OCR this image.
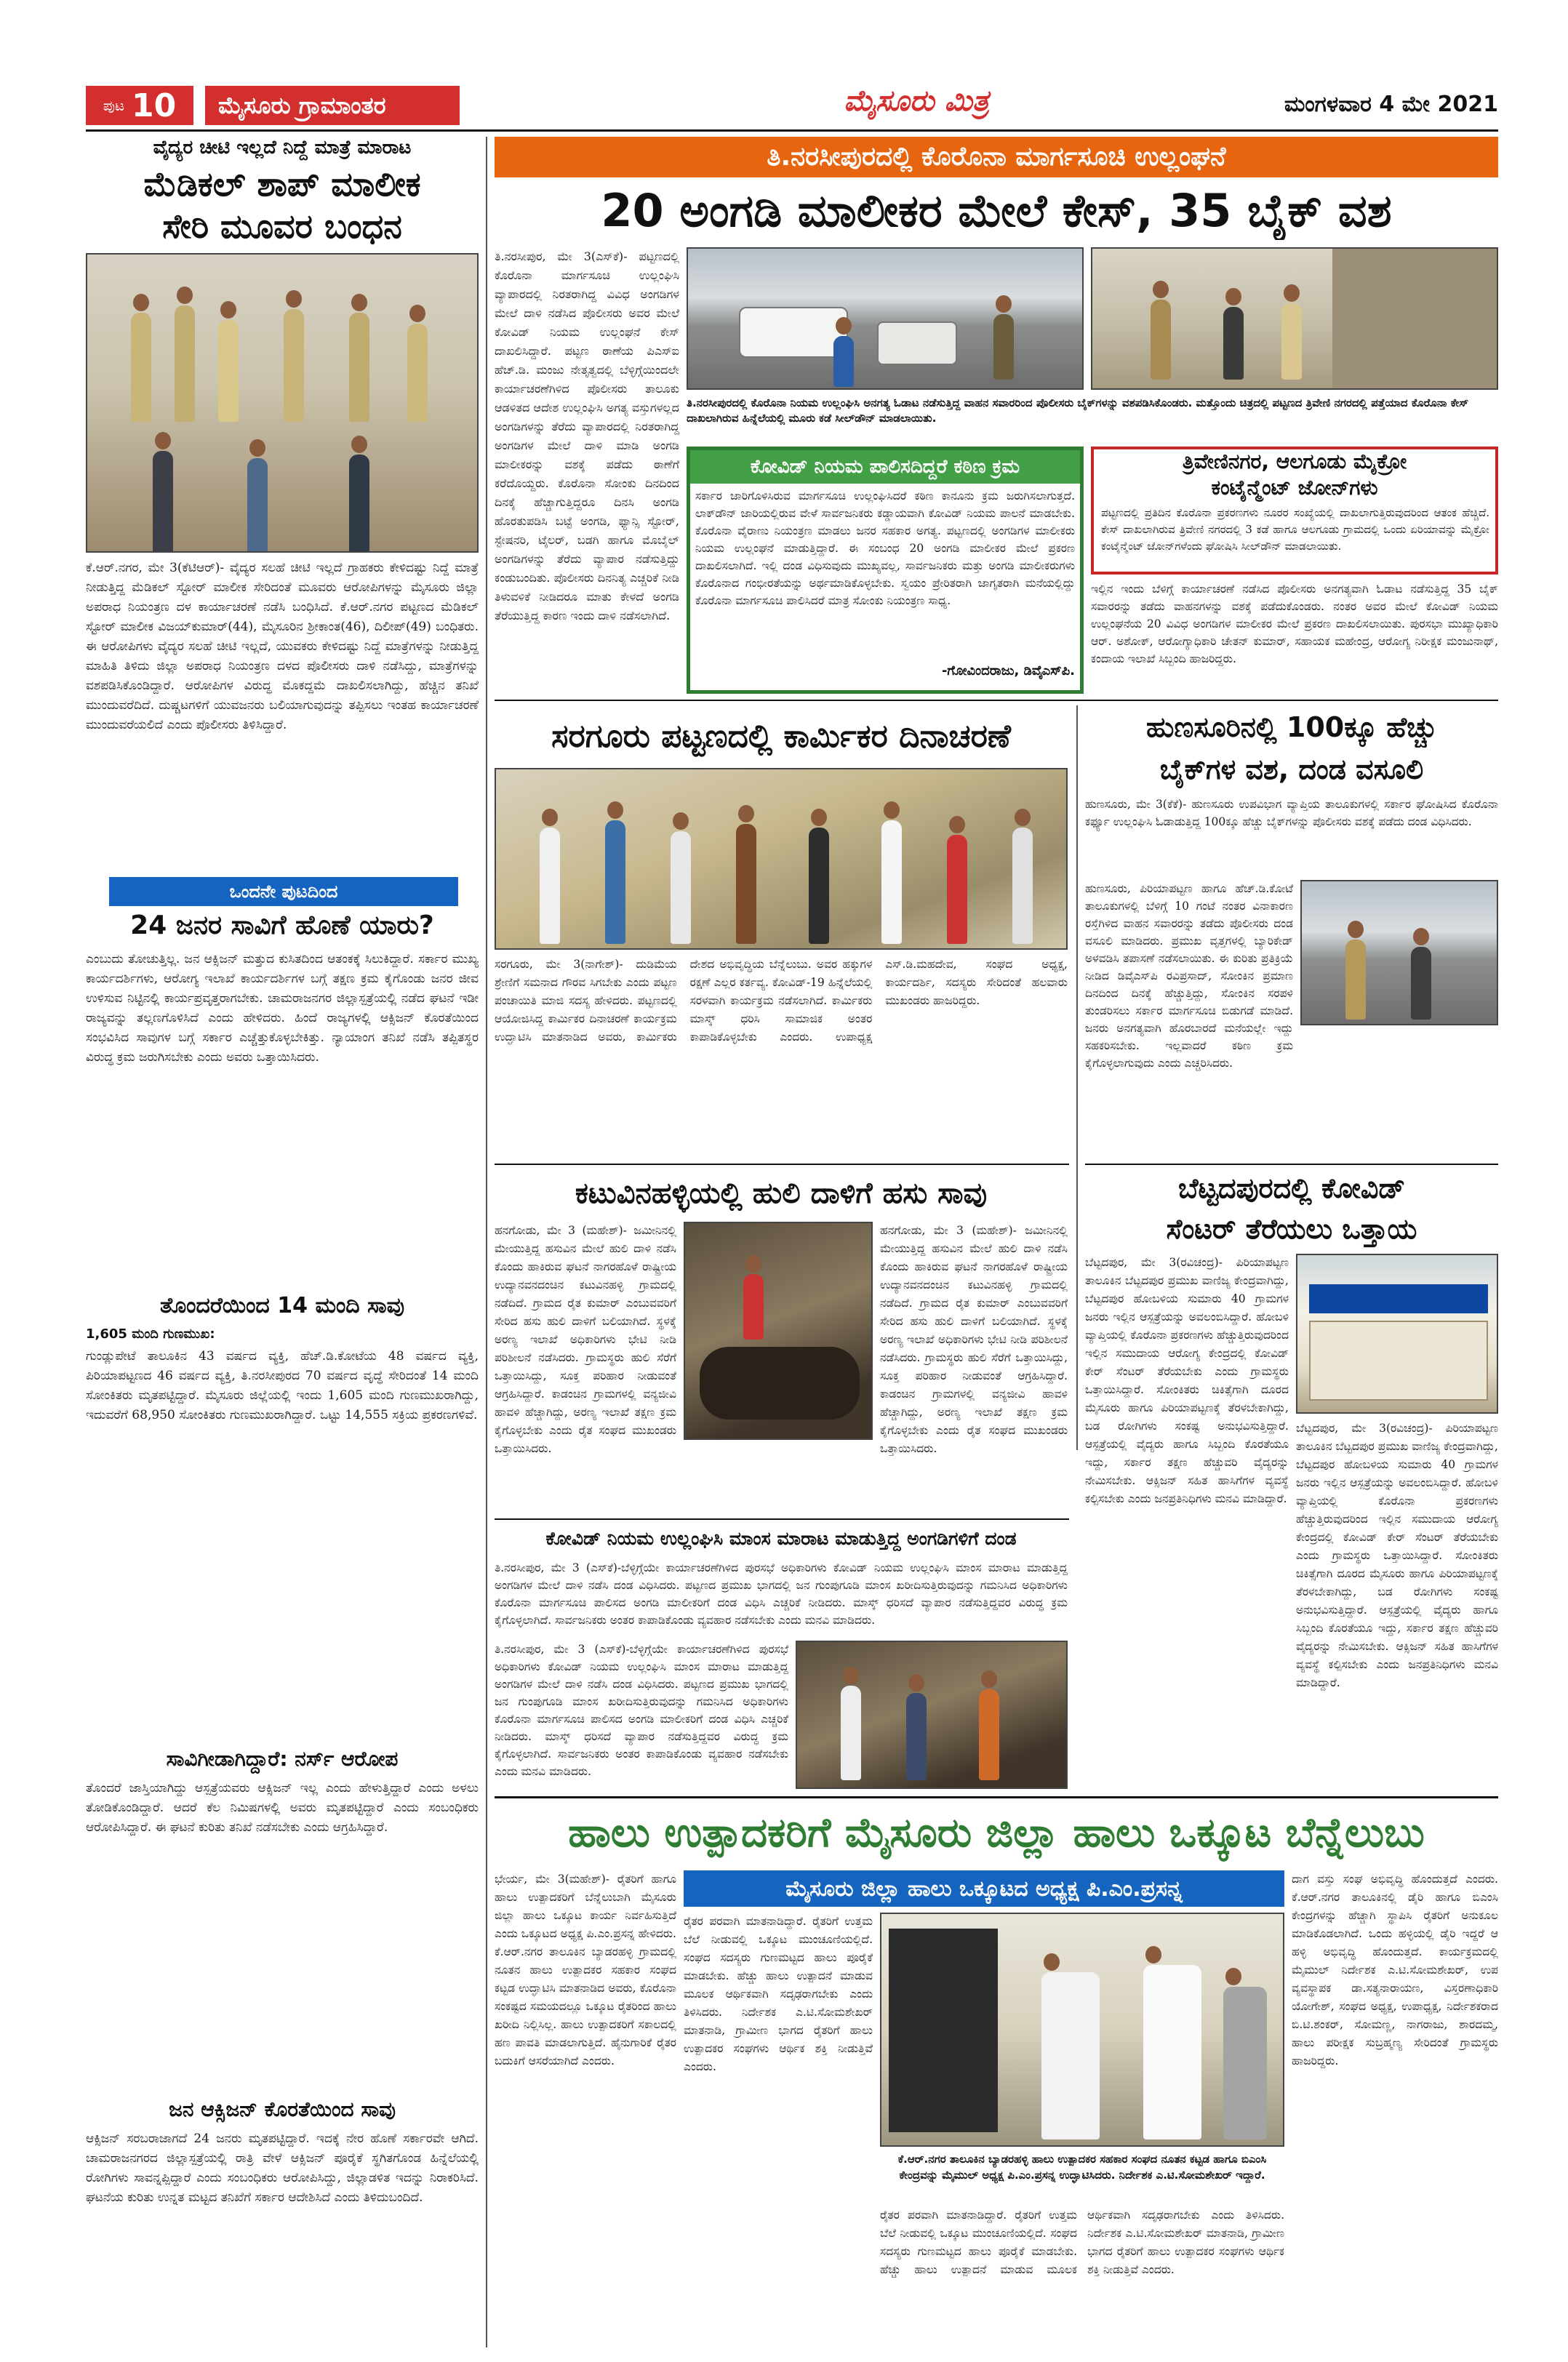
ಪುಟ 10	ಮೈಸೂರು ಗ್ರಾಮಾಂತರ	ಮೈಸೂರು ಮಿತ್ರ	ಮಂಗಳವಾರ 4 ಮೇ 2021
ವೈದ್ಯರ ಚೀಟಿ ಇಲ್ಲದೆ ನಿದ್ದೆ ಮಾತ್ರೆ ಮಾರಾಟ
ಮೆಡಿಕಲ್ ಶಾಪ್ ಮಾಲೀಕ
ಸೇರಿ ಮೂವರ ಬಂಧನ
ಕೆ.ಆರ್.ನಗರ, ಮೇ 3(ಕೆಟಿಆರ್)- ವೈದ್ಯರ ಸಲಹೆ ಚೀಟಿ ಇಲ್ಲದೆ ಗ್ರಾಹಕರು ಕೇಳಿದಷ್ಟು ನಿದ್ದೆ ಮಾತ್ರೆ ನೀಡುತ್ತಿದ್ದ ಮೆಡಿಕಲ್ ಸ್ಟೋರ್ ಮಾಲೀಕ ಸೇರಿದಂತೆ ಮೂವರು ಆರೋಪಿಗಳನ್ನು ಮೈಸೂರು ಜಿಲ್ಲಾ ಅಪರಾಧ ನಿಯಂತ್ರಣ ದಳ ಕಾರ್ಯಾಚರಣೆ ನಡೆಸಿ ಬಂಧಿಸಿದೆ. ಕೆ.ಆರ್.ನಗರ ಪಟ್ಟಣದ ಮೆಡಿಕಲ್ ಸ್ಟೋರ್ ಮಾಲೀಕ ವಿಜಯ್‌ಕುಮಾರ್(44), ಮೈಸೂರಿನ ಶ್ರೀಕಾಂತ(46), ದಿಲೀಪ್(49) ಬಂಧಿತರು. ಈ ಆರೋಪಿಗಳು ವೈದ್ಯರ ಸಲಹೆ ಚೀಟಿ ಇಲ್ಲದೆ, ಯುವಕರು ಕೇಳಿದಷ್ಟು ನಿದ್ದೆ ಮಾತ್ರೆಗಳನ್ನು ನೀಡುತ್ತಿದ್ದ ಮಾಹಿತಿ ತಿಳಿದು ಜಿಲ್ಲಾ ಅಪರಾಧ ನಿಯಂತ್ರಣ ದಳದ ಪೊಲೀಸರು ದಾಳಿ ನಡೆಸಿದ್ದು, ಮಾತ್ರೆಗಳನ್ನು ವಶಪಡಿಸಿಕೊಂಡಿದ್ದಾರೆ. ಆರೋಪಿಗಳ ವಿರುದ್ಧ ಮೊಕದ್ದಮೆ ದಾಖಲಿಸಲಾಗಿದ್ದು, ಹೆಚ್ಚಿನ ತನಿಖೆ ಮುಂದುವರೆದಿದೆ. ದುಷ್ಚಟಗಳಿಗೆ ಯುವಜನರು ಬಲಿಯಾಗುವುದನ್ನು ತಪ್ಪಿಸಲು ಇಂತಹ ಕಾರ್ಯಾಚರಣೆ ಮುಂದುವರೆಯಲಿದೆ ಎಂದು ಪೊಲೀಸರು ತಿಳಿಸಿದ್ದಾರೆ.
ಒಂದನೇ ಪುಟದಿಂದ
24 ಜನರ ಸಾವಿಗೆ ಹೊಣೆ ಯಾರು?
ಎಂಬುದು ತೋಚುತ್ತಿಲ್ಲ. ಜನ ಆಕ್ಸಿಜನ್ ಮತ್ತುದ ಕುಸಿತದಿಂದ ಆತಂಕಕ್ಕೆ ಸಿಲುಕಿದ್ದಾರೆ. ಸರ್ಕಾರ ಮುಖ್ಯ ಕಾರ್ಯದರ್ಶಿಗಳು, ಆರೋಗ್ಯ ಇಲಾಖೆ ಕಾರ್ಯದರ್ಶಿಗಳ ಬಗ್ಗೆ ತಕ್ಷಣ ಕ್ರಮ ಕೈಗೊಂಡು ಜನರ ಜೀವ ಉಳಿಸುವ ನಿಟ್ಟಿನಲ್ಲಿ ಕಾರ್ಯಪ್ರವೃತ್ತರಾಗಬೇಕು. ಚಾಮರಾಜನಗರ ಜಿಲ್ಲಾಸ್ಪತ್ರೆಯಲ್ಲಿ ನಡೆದ ಘಟನೆ ಇಡೀ ರಾಜ್ಯವನ್ನು ತಲ್ಲಣಗೊಳಿಸಿದೆ ಎಂದು ಹೇಳಿದರು. ಹಿಂದೆ ರಾಜ್ಯಗಳಲ್ಲಿ ಆಕ್ಸಿಜನ್ ಕೊರತೆಯಿಂದ ಸಂಭವಿಸಿದ ಸಾವುಗಳ ಬಗ್ಗೆ ಸರ್ಕಾರ ಎಚ್ಚೆತ್ತುಕೊಳ್ಳಬೇಕಿತ್ತು. ನ್ಯಾಯಾಂಗ ತನಿಖೆ ನಡೆಸಿ ತಪ್ಪಿತಸ್ಥರ ವಿರುದ್ಧ ಕ್ರಮ ಜರುಗಿಸಬೇಕು ಎಂದು ಅವರು ಒತ್ತಾಯಿಸಿದರು.
ತೊಂದರೆಯಿಂದ 14 ಮಂದಿ ಸಾವು
1,605 ಮಂದಿ ಗುಣಮುಖ:
ಗುಂಡ್ಲುಪೇಟೆ ತಾಲೂಕಿನ 43 ವರ್ಷದ ವ್ಯಕ್ತಿ, ಹೆಚ್.ಡಿ.ಕೋಟೆಯ 48 ವರ್ಷದ ವ್ಯಕ್ತಿ, ಪಿರಿಯಾಪಟ್ಟಣದ 46 ವರ್ಷದ ವ್ಯಕ್ತಿ, ತಿ.ನರಸೀಪುರದ 70 ವರ್ಷದ ವೃದ್ಧೆ ಸೇರಿದಂತೆ 14 ಮಂದಿ ಸೋಂಕಿತರು ಮೃತಪಟ್ಟಿದ್ದಾರೆ. ಮೈಸೂರು ಜಿಲ್ಲೆಯಲ್ಲಿ ಇಂದು 1,605 ಮಂದಿ ಗುಣಮುಖರಾಗಿದ್ದು, ಇದುವರೆಗೆ 68,950 ಸೋಂಕಿತರು ಗುಣಮುಖರಾಗಿದ್ದಾರೆ. ಒಟ್ಟು 14,555 ಸಕ್ರಿಯ ಪ್ರಕರಣಗಳಿವೆ.
ಸಾವಿಗೀಡಾಗಿದ್ದಾರೆ: ನರ್ಸ್ ಆರೋಪ
ತೊಂದರೆ ಜಾಸ್ತಿಯಾಗಿದ್ದು ಆಸ್ಪತ್ರೆಯವರು ಆಕ್ಸಿಜನ್ ಇಲ್ಲ ಎಂದು ಹೇಳುತ್ತಿದ್ದಾರೆ ಎಂದು ಅಳಲು ತೋಡಿಕೊಂಡಿದ್ದಾರೆ. ಆದರೆ ಕೆಲ ನಿಮಿಷಗಳಲ್ಲಿ ಅವರು ಮೃತಪಟ್ಟಿದ್ದಾರೆ ಎಂದು ಸಂಬಂಧಿಕರು ಆರೋಪಿಸಿದ್ದಾರೆ. ಈ ಘಟನೆ ಕುರಿತು ತನಿಖೆ ನಡೆಸಬೇಕು ಎಂದು ಆಗ್ರಹಿಸಿದ್ದಾರೆ.
ಜನ ಆಕ್ಸಿಜನ್ ಕೊರತೆಯಿಂದ ಸಾವು
ಆಕ್ಸಿಜನ್ ಸರಬರಾಜಾಗದೆ 24 ಜನರು ಮೃತಪಟ್ಟಿದ್ದಾರೆ. ಇದಕ್ಕೆ ನೇರ ಹೊಣೆ ಸರ್ಕಾರವೇ ಆಗಿದೆ. ಚಾಮರಾಜನಗರದ ಜಿಲ್ಲಾಸ್ಪತ್ರೆಯಲ್ಲಿ ರಾತ್ರಿ ವೇಳೆ ಆಕ್ಸಿಜನ್ ಪೂರೈಕೆ ಸ್ಥಗಿತಗೊಂಡ ಹಿನ್ನೆಲೆಯಲ್ಲಿ ರೋಗಿಗಳು ಸಾವನ್ನಪ್ಪಿದ್ದಾರೆ ಎಂದು ಸಂಬಂಧಿಕರು ಆರೋಪಿಸಿದ್ದು, ಜಿಲ್ಲಾಡಳಿತ ಇದನ್ನು ನಿರಾಕರಿಸಿದೆ. ಘಟನೆಯ ಕುರಿತು ಉನ್ನತ ಮಟ್ಟದ ತನಿಖೆಗೆ ಸರ್ಕಾರ ಆದೇಶಿಸಿದೆ ಎಂದು ತಿಳಿದುಬಂದಿದೆ.
ತಿ.ನರಸೀಪುರದಲ್ಲಿ ಕೊರೊನಾ ಮಾರ್ಗಸೂಚಿ ಉಲ್ಲಂಘನೆ
20 ಅಂಗಡಿ ಮಾಲೀಕರ ಮೇಲೆ ಕೇಸ್, 35 ಬೈಕ್ ವಶ
ತಿ.ನರಸೀಪುರ, ಮೇ 3(ಎಸ್‌ಕೆ)- ಪಟ್ಟಣದಲ್ಲಿ ಕೊರೊನಾ ಮಾರ್ಗಸೂಚಿ ಉಲ್ಲಂಘಿಸಿ ವ್ಯಾಪಾರದಲ್ಲಿ ನಿರತರಾಗಿದ್ದ ವಿವಿಧ ಅಂಗಡಿಗಳ ಮೇಲೆ ದಾಳಿ ನಡೆಸಿದ ಪೊಲೀಸರು ಅವರ ಮೇಲೆ ಕೋವಿಡ್ ನಿಯಮ ಉಲ್ಲಂಘನೆ ಕೇಸ್ ದಾಖಲಿಸಿದ್ದಾರೆ. ಪಟ್ಟಣ ಠಾಣೆಯ ಪಿಎಸ್‌ಐ ಹೆಚ್.ಡಿ. ಮಂಜು ನೇತೃತ್ವದಲ್ಲಿ ಬೆಳ್ಳಿಗ್ಗೆಯಿಂದಲೇ ಕಾರ್ಯಾಚರಣೆಗಿಳಿದ ಪೊಲೀಸರು ತಾಲೂಕು ಆಡಳಿತದ ಆದೇಶ ಉಲ್ಲಂಘಿಸಿ ಅಗತ್ಯ ವಸ್ತುಗಳಲ್ಲದ ಅಂಗಡಿಗಳನ್ನು ತೆರೆದು ವ್ಯಾಪಾರದಲ್ಲಿ ನಿರತರಾಗಿದ್ದ ಅಂಗಡಿಗಳ ಮೇಲೆ ದಾಳಿ ಮಾಡಿ ಅಂಗಡಿ ಮಾಲೀಕರನ್ನು ವಶಕ್ಕೆ ಪಡೆದು ಠಾಣೆಗೆ ಕರೆದೊಯ್ದರು. ಕೊರೊನಾ ಸೋಂಕು ದಿನದಿಂದ ದಿನಕ್ಕೆ ಹೆಚ್ಚಾಗುತ್ತಿದ್ದರೂ ದಿನಸಿ ಅಂಗಡಿ ಹೊರತುಪಡಿಸಿ ಬಟ್ಟೆ ಅಂಗಡಿ, ಫ್ಯಾನ್ಸಿ ಸ್ಟೋರ್, ಸ್ಟೇಷನರಿ, ಟೈಲರ್, ಬಡಗಿ ಹಾಗೂ ಮೊಬೈಲ್ ಅಂಗಡಿಗಳನ್ನು ತೆರೆದು ವ್ಯಾಪಾರ ನಡೆಸುತ್ತಿದ್ದು ಕಂಡುಬಂದಿತು. ಪೊಲೀಸರು ದಿನನಿತ್ಯ ಎಚ್ಚರಿಕೆ ನೀಡಿ ತಿಳುವಳಿಕೆ ನೀಡಿದರೂ ಮಾತು ಕೇಳದೆ ಅಂಗಡಿ ತೆರೆಯುತ್ತಿದ್ದ ಕಾರಣ ಇಂದು ದಾಳಿ ನಡೆಸಲಾಗಿದೆ.
ತಿ.ನರಸೀಪುರದಲ್ಲಿ ಕೊರೊನಾ ನಿಯಮ ಉಲ್ಲಂಘಿಸಿ ಅನಗತ್ಯ ಓಡಾಟ ನಡೆಸುತ್ತಿದ್ದ ವಾಹನ ಸವಾರರಿಂದ ಪೊಲೀಸರು ಬೈಕ್‌ಗಳನ್ನು ವಶಪಡಿಸಿಕೊಂಡರು. ಮತ್ತೊಂದು ಚಿತ್ರದಲ್ಲಿ ಪಟ್ಟಣದ ತ್ರಿವೇಣಿ ನಗರದಲ್ಲಿ ಪತ್ತೆಯಾದ ಕೊರೊನಾ ಕೇಸ್ ದಾಖಲಾಗಿರುವ ಹಿನ್ನೆಲೆಯಲ್ಲಿ ಮೂರು ಕಡೆ ಸೀಲ್‌ಡೌನ್ ಮಾಡಲಾಯಿತು.
ಕೋವಿಡ್ ನಿಯಮ ಪಾಲಿಸದಿದ್ದರೆ ಕಠಿಣ ಕ್ರಮ
ಸರ್ಕಾರ ಜಾರಿಗೊಳಿಸಿರುವ ಮಾರ್ಗಸೂಚಿ ಉಲ್ಲಂಘಿಸಿದರೆ ಕಠಿಣ ಕಾನೂನು ಕ್ರಮ ಜರುಗಿಸಲಾಗುತ್ತದೆ. ಲಾಕ್‌ಡೌನ್ ಜಾರಿಯಲ್ಲಿರುವ ವೇಳೆ ಸಾರ್ವಜನಿಕರು ಕಡ್ಡಾಯವಾಗಿ ಕೋವಿಡ್ ನಿಯಮ ಪಾಲನೆ ಮಾಡಬೇಕು. ಕೊರೊನಾ ವೈರಾಣು ನಿಯಂತ್ರಣ ಮಾಡಲು ಜನರ ಸಹಕಾರ ಅಗತ್ಯ. ಪಟ್ಟಣದಲ್ಲಿ ಅಂಗಡಿಗಳ ಮಾಲೀಕರು ನಿಯಮ ಉಲ್ಲಂಘನೆ ಮಾಡುತ್ತಿದ್ದಾರೆ. ಈ ಸಂಬಂಧ 20 ಅಂಗಡಿ ಮಾಲೀಕರ ಮೇಲೆ ಪ್ರಕರಣ ದಾಖಲಿಸಲಾಗಿದೆ. ಇಲ್ಲಿ ದಂಡ ವಿಧಿಸುವುದು ಮುಖ್ಯವಲ್ಲ, ಸಾರ್ವಜನಿಕರು ಮತ್ತು ಅಂಗಡಿ ಮಾಲೀಕರುಗಳು ಕೊರೊನಾದ ಗಂಭೀರತೆಯನ್ನು ಅರ್ಥಮಾಡಿಕೊಳ್ಳಬೇಕು. ಸ್ವಯಂ ಪ್ರೇರಿತರಾಗಿ ಜಾಗೃತರಾಗಿ ಮನೆಯಲ್ಲಿದ್ದು ಕೊರೊನಾ ಮಾರ್ಗಸೂಚಿ ಪಾಲಿಸಿದರೆ ಮಾತ್ರ ಸೋಂಕು ನಿಯಂತ್ರಣ ಸಾಧ್ಯ.
-ಗೋವಿಂದರಾಜು, ಡಿವೈಎಸ್‌ಪಿ.
ತ್ರಿವೇಣಿನಗರ, ಆಲಗೂಡು ಮೈಕ್ರೋ
ಕಂಟೈನ್ಮೆಂಟ್ ಜೋನ್‌ಗಳು
ಪಟ್ಟಣದಲ್ಲಿ ಪ್ರತಿದಿನ ಕೊರೊನಾ ಪ್ರಕರಣಗಳು ನೂರರ ಸಂಖ್ಯೆಯಲ್ಲಿ ದಾಖಲಾಗುತ್ತಿರುವುದರಿಂದ ಆತಂಕ ಹೆಚ್ಚಿದೆ. ಕೇಸ್ ದಾಖಲಾಗಿರುವ ತ್ರಿವೇಣಿ ನಗರದಲ್ಲಿ 3 ಕಡೆ ಹಾಗೂ ಆಲಗೂಡು ಗ್ರಾಮದಲ್ಲಿ ಒಂದು ಏರಿಯಾವನ್ನು ಮೈಕ್ರೋ ಕಂಟೈನ್ಮೆಂಟ್ ಜೋನ್‌ಗಳೆಂದು ಘೋಷಿಸಿ ಸೀಲ್‌ಡೌನ್ ಮಾಡಲಾಯಿತು.
ಇಲ್ಲಿನ ಇಂದು ಬೆಳಿಗ್ಗೆ ಕಾರ್ಯಾಚರಣೆ ನಡೆಸಿದ ಪೊಲೀಸರು ಅನಗತ್ಯವಾಗಿ ಓಡಾಟ ನಡೆಸುತ್ತಿದ್ದ 35 ಬೈಕ್ ಸವಾರರನ್ನು ತಡೆದು ವಾಹನಗಳನ್ನು ವಶಕ್ಕೆ ಪಡೆದುಕೊಂಡರು. ನಂತರ ಅವರ ಮೇಲೆ ಕೋವಿಡ್ ನಿಯಮ ಉಲ್ಲಂಘನೆಯ 20 ವಿವಿಧ ಅಂಗಡಿಗಳ ಮಾಲೀಕರ ಮೇಲೆ ಪ್ರಕರಣ ದಾಖಲಿಸಲಾಯಿತು. ಪುರಸಭಾ ಮುಖ್ಯಾಧಿಕಾರಿ ಆರ್. ಅಶೋಕ್, ಆರೋಗ್ಯಾಧಿಕಾರಿ ಚೇತನ್ ಕುಮಾರ್, ಸಹಾಯಕ ಮಹೇಂದ್ರ, ಆರೋಗ್ಯ ನಿರೀಕ್ಷಕ ಮಂಜುನಾಥ್, ಕಂದಾಯ ಇಲಾಖೆ ಸಿಬ್ಬಂದಿ ಹಾಜರಿದ್ದರು.
ಸರಗೂರು ಪಟ್ಟಣದಲ್ಲಿ ಕಾರ್ಮಿಕರ ದಿನಾಚರಣೆ
ಸರಗೂರು, ಮೇ 3(ನಾಗೇಶ್)- ದುಡಿಮೆಯ ಶ್ರೇಣಿಗೆ ಸಮನಾದ ಗೌರವ ಸಿಗಬೇಕು ಎಂದು ಪಟ್ಟಣ ಪಂಚಾಯಿತಿ ಮಾಜಿ ಸದಸ್ಯ ಹೇಳಿದರು. ಪಟ್ಟಣದಲ್ಲಿ ಆಯೋಜಿಸಿದ್ದ ಕಾರ್ಮಿಕರ ದಿನಾಚರಣೆ ಕಾರ್ಯಕ್ರಮ ಉದ್ಘಾಟಿಸಿ ಮಾತನಾಡಿದ ಅವರು, ಕಾರ್ಮಿಕರು ದೇಶದ ಅಭಿವೃದ್ಧಿಯ ಬೆನ್ನೆಲುಬು. ಅವರ ಹಕ್ಕುಗಳ ರಕ್ಷಣೆ ಎಲ್ಲರ ಕರ್ತವ್ಯ. ಕೋವಿಡ್-19 ಹಿನ್ನೆಲೆಯಲ್ಲಿ ಸರಳವಾಗಿ ಕಾರ್ಯಕ್ರಮ ನಡೆಸಲಾಗಿದೆ. ಕಾರ್ಮಿಕರು ಮಾಸ್ಕ್ ಧರಿಸಿ ಸಾಮಾಜಿಕ ಅಂತರ ಕಾಪಾಡಿಕೊಳ್ಳಬೇಕು ಎಂದರು. ಉಪಾಧ್ಯಕ್ಷ ಎಸ್.ಡಿ.ಮಹದೇವ, ಸಂಘದ ಅಧ್ಯಕ್ಷ, ಕಾರ್ಯದರ್ಶಿ, ಸದಸ್ಯರು ಸೇರಿದಂತೆ ಹಲವಾರು ಮುಖಂಡರು ಹಾಜರಿದ್ದರು.
ಹುಣಸೂರಿನಲ್ಲಿ 100ಕ್ಕೂ ಹೆಚ್ಚು
ಬೈಕ್‌ಗಳ ವಶ, ದಂಡ ವಸೂಲಿ
ಹುಣಸೂರು, ಮೇ 3(ಕೆಕೆ)- ಹುಣಸೂರು ಉಪವಿಭಾಗ ವ್ಯಾಪ್ತಿಯ ತಾಲೂಕುಗಳಲ್ಲಿ ಸರ್ಕಾರ ಘೋಷಿಸಿದ ಕೊರೊನಾ ಕರ್ಫ್ಯೂ ಉಲ್ಲಂಘಿಸಿ ಓಡಾಡುತ್ತಿದ್ದ 100ಕ್ಕೂ ಹೆಚ್ಚು ಬೈಕ್‌ಗಳನ್ನು ಪೊಲೀಸರು ವಶಕ್ಕೆ ಪಡೆದು ದಂಡ ವಿಧಿಸಿದರು.
ಹುಣಸೂರು, ಪಿರಿಯಾಪಟ್ಟಣ ಹಾಗೂ ಹೆಚ್.ಡಿ.ಕೋಟೆ ತಾಲೂಕುಗಳಲ್ಲಿ ಬೆಳಿಗ್ಗೆ 10 ಗಂಟೆ ನಂತರ ವಿನಾಕಾರಣ ರಸ್ತೆಗಿಳಿದ ವಾಹನ ಸವಾರರನ್ನು ತಡೆದು ಪೊಲೀಸರು ದಂಡ ವಸೂಲಿ ಮಾಡಿದರು. ಪ್ರಮುಖ ವೃತ್ತಗಳಲ್ಲಿ ಬ್ಯಾರಿಕೇಡ್ ಅಳವಡಿಸಿ ತಪಾಸಣೆ ನಡೆಸಲಾಯಿತು. ಈ ಕುರಿತು ಪ್ರತಿಕ್ರಿಯೆ ನೀಡಿದ ಡಿವೈಎಸ್‌ಪಿ ರವಿಪ್ರಸಾದ್, ಸೋಂಕಿನ ಪ್ರಮಾಣ ದಿನದಿಂದ ದಿನಕ್ಕೆ ಹೆಚ್ಚುತ್ತಿದ್ದು, ಸೋಂಕಿನ ಸರಪಳಿ ತುಂಡರಿಸಲು ಸರ್ಕಾರ ಮಾರ್ಗಸೂಚಿ ಬಿಡುಗಡೆ ಮಾಡಿದೆ. ಜನರು ಅನಗತ್ಯವಾಗಿ ಹೊರಬಾರದೆ ಮನೆಯಲ್ಲೇ ಇದ್ದು ಸಹಕರಿಸಬೇಕು. ಇಲ್ಲವಾದರೆ ಕಠಿಣ ಕ್ರಮ ಕೈಗೊಳ್ಳಲಾಗುವುದು ಎಂದು ಎಚ್ಚರಿಸಿದರು.
ಕಟುವಿನಹಳ್ಳಿಯಲ್ಲಿ ಹುಲಿ ದಾಳಿಗೆ ಹಸು ಸಾವು
ಹನಗೋಡು, ಮೇ 3 (ಮಹೇಶ್)- ಜಮೀನಿನಲ್ಲಿ ಮೇಯುತ್ತಿದ್ದ ಹಸುವಿನ ಮೇಲೆ ಹುಲಿ ದಾಳಿ ನಡೆಸಿ ಕೊಂದು ಹಾಕಿರುವ ಘಟನೆ ನಾಗರಹೊಳೆ ರಾಷ್ಟ್ರೀಯ ಉದ್ಯಾನವನದಂಚಿನ ಕಟುವಿನಹಳ್ಳಿ ಗ್ರಾಮದಲ್ಲಿ ನಡೆದಿದೆ. ಗ್ರಾಮದ ರೈತ ಕುಮಾರ್ ಎಂಬುವವರಿಗೆ ಸೇರಿದ ಹಸು ಹುಲಿ ದಾಳಿಗೆ ಬಲಿಯಾಗಿದೆ. ಸ್ಥಳಕ್ಕೆ ಅರಣ್ಯ ಇಲಾಖೆ ಅಧಿಕಾರಿಗಳು ಭೇಟಿ ನೀಡಿ ಪರಿಶೀಲನೆ ನಡೆಸಿದರು. ಗ್ರಾಮಸ್ಥರು ಹುಲಿ ಸೆರೆಗೆ ಒತ್ತಾಯಿಸಿದ್ದು, ಸೂಕ್ತ ಪರಿಹಾರ ನೀಡುವಂತೆ ಆಗ್ರಹಿಸಿದ್ದಾರೆ. ಕಾಡಂಚಿನ ಗ್ರಾಮಗಳಲ್ಲಿ ವನ್ಯಜೀವಿ ಹಾವಳಿ ಹೆಚ್ಚಾಗಿದ್ದು, ಅರಣ್ಯ ಇಲಾಖೆ ತಕ್ಷಣ ಕ್ರಮ ಕೈಗೊಳ್ಳಬೇಕು ಎಂದು ರೈತ ಸಂಘದ ಮುಖಂಡರು ಒತ್ತಾಯಿಸಿದರು.
ಹನಗೋಡು, ಮೇ 3 (ಮಹೇಶ್)- ಜಮೀನಿನಲ್ಲಿ ಮೇಯುತ್ತಿದ್ದ ಹಸುವಿನ ಮೇಲೆ ಹುಲಿ ದಾಳಿ ನಡೆಸಿ ಕೊಂದು ಹಾಕಿರುವ ಘಟನೆ ನಾಗರಹೊಳೆ ರಾಷ್ಟ್ರೀಯ ಉದ್ಯಾನವನದಂಚಿನ ಕಟುವಿನಹಳ್ಳಿ ಗ್ರಾಮದಲ್ಲಿ ನಡೆದಿದೆ. ಗ್ರಾಮದ ರೈತ ಕುಮಾರ್ ಎಂಬುವವರಿಗೆ ಸೇರಿದ ಹಸು ಹುಲಿ ದಾಳಿಗೆ ಬಲಿಯಾಗಿದೆ. ಸ್ಥಳಕ್ಕೆ ಅರಣ್ಯ ಇಲಾಖೆ ಅಧಿಕಾರಿಗಳು ಭೇಟಿ ನೀಡಿ ಪರಿಶೀಲನೆ ನಡೆಸಿದರು. ಗ್ರಾಮಸ್ಥರು ಹುಲಿ ಸೆರೆಗೆ ಒತ್ತಾಯಿಸಿದ್ದು, ಸೂಕ್ತ ಪರಿಹಾರ ನೀಡುವಂತೆ ಆಗ್ರಹಿಸಿದ್ದಾರೆ. ಕಾಡಂಚಿನ ಗ್ರಾಮಗಳಲ್ಲಿ ವನ್ಯಜೀವಿ ಹಾವಳಿ ಹೆಚ್ಚಾಗಿದ್ದು, ಅರಣ್ಯ ಇಲಾಖೆ ತಕ್ಷಣ ಕ್ರಮ ಕೈಗೊಳ್ಳಬೇಕು ಎಂದು ರೈತ ಸಂಘದ ಮುಖಂಡರು ಒತ್ತಾಯಿಸಿದರು.
ಕೋವಿಡ್ ನಿಯಮ ಉಲ್ಲಂಘಿಸಿ ಮಾಂಸ ಮಾರಾಟ ಮಾಡುತ್ತಿದ್ದ ಅಂಗಡಿಗಳಿಗೆ ದಂಡ
ತಿ.ನರಸೀಪುರ, ಮೇ 3 (ಎಸ್‌ಕೆ)-ಬೆಳ್ಳಿಗ್ಗೆಯೇ ಕಾರ್ಯಾಚರಣೆಗಿಳಿದ ಪುರಸಭೆ ಅಧಿಕಾರಿಗಳು ಕೋವಿಡ್ ನಿಯಮ ಉಲ್ಲಂಘಿಸಿ ಮಾಂಸ ಮಾರಾಟ ಮಾಡುತ್ತಿದ್ದ ಅಂಗಡಿಗಳ ಮೇಲೆ ದಾಳಿ ನಡೆಸಿ ದಂಡ ವಿಧಿಸಿದರು. ಪಟ್ಟಣದ ಪ್ರಮುಖ ಭಾಗದಲ್ಲಿ ಜನ ಗುಂಪುಗೂಡಿ ಮಾಂಸ ಖರೀದಿಸುತ್ತಿರುವುದನ್ನು ಗಮನಿಸಿದ ಅಧಿಕಾರಿಗಳು ಕೊರೊನಾ ಮಾರ್ಗಸೂಚಿ ಪಾಲಿಸದ ಅಂಗಡಿ ಮಾಲೀಕರಿಗೆ ದಂಡ ವಿಧಿಸಿ ಎಚ್ಚರಿಕೆ ನೀಡಿದರು. ಮಾಸ್ಕ್ ಧರಿಸದೆ ವ್ಯಾಪಾರ ನಡೆಸುತ್ತಿದ್ದವರ ವಿರುದ್ಧ ಕ್ರಮ ಕೈಗೊಳ್ಳಲಾಗಿದೆ. ಸಾರ್ವಜನಿಕರು ಅಂತರ ಕಾಪಾಡಿಕೊಂಡು ವ್ಯವಹಾರ ನಡೆಸಬೇಕು ಎಂದು ಮನವಿ ಮಾಡಿದರು.
ತಿ.ನರಸೀಪುರ, ಮೇ 3 (ಎಸ್‌ಕೆ)-ಬೆಳ್ಳಿಗ್ಗೆಯೇ ಕಾರ್ಯಾಚರಣೆಗಿಳಿದ ಪುರಸಭೆ ಅಧಿಕಾರಿಗಳು ಕೋವಿಡ್ ನಿಯಮ ಉಲ್ಲಂಘಿಸಿ ಮಾಂಸ ಮಾರಾಟ ಮಾಡುತ್ತಿದ್ದ ಅಂಗಡಿಗಳ ಮೇಲೆ ದಾಳಿ ನಡೆಸಿ ದಂಡ ವಿಧಿಸಿದರು. ಪಟ್ಟಣದ ಪ್ರಮುಖ ಭಾಗದಲ್ಲಿ ಜನ ಗುಂಪುಗೂಡಿ ಮಾಂಸ ಖರೀದಿಸುತ್ತಿರುವುದನ್ನು ಗಮನಿಸಿದ ಅಧಿಕಾರಿಗಳು ಕೊರೊನಾ ಮಾರ್ಗಸೂಚಿ ಪಾಲಿಸದ ಅಂಗಡಿ ಮಾಲೀಕರಿಗೆ ದಂಡ ವಿಧಿಸಿ ಎಚ್ಚರಿಕೆ ನೀಡಿದರು. ಮಾಸ್ಕ್ ಧರಿಸದೆ ವ್ಯಾಪಾರ ನಡೆಸುತ್ತಿದ್ದವರ ವಿರುದ್ಧ ಕ್ರಮ ಕೈಗೊಳ್ಳಲಾಗಿದೆ. ಸಾರ್ವಜನಿಕರು ಅಂತರ ಕಾಪಾಡಿಕೊಂಡು ವ್ಯವಹಾರ ನಡೆಸಬೇಕು ಎಂದು ಮನವಿ ಮಾಡಿದರು.
ಬೆಟ್ಟದಪುರದಲ್ಲಿ ಕೋವಿಡ್
ಸೆಂಟರ್ ತೆರೆಯಲು ಒತ್ತಾಯ
ಬೆಟ್ಟದಪುರ, ಮೇ 3(ರವಿಚಂದ್ರ)- ಪಿರಿಯಾಪಟ್ಟಣ ತಾಲೂಕಿನ ಬೆಟ್ಟದಪುರ ಪ್ರಮುಖ ವಾಣಿಜ್ಯ ಕೇಂದ್ರವಾಗಿದ್ದು, ಬೆಟ್ಟದಪುರ ಹೋಬಳಿಯ ಸುಮಾರು 40 ಗ್ರಾಮಗಳ ಜನರು ಇಲ್ಲಿನ ಆಸ್ಪತ್ರೆಯನ್ನು ಅವಲಂಬಿಸಿದ್ದಾರೆ. ಹೋಬಳಿ ವ್ಯಾಪ್ತಿಯಲ್ಲಿ ಕೊರೊನಾ ಪ್ರಕರಣಗಳು ಹೆಚ್ಚುತ್ತಿರುವುದರಿಂದ ಇಲ್ಲಿನ ಸಮುದಾಯ ಆರೋಗ್ಯ ಕೇಂದ್ರದಲ್ಲಿ ಕೋವಿಡ್ ಕೇರ್ ಸೆಂಟರ್ ತೆರೆಯಬೇಕು ಎಂದು ಗ್ರಾಮಸ್ಥರು ಒತ್ತಾಯಿಸಿದ್ದಾರೆ. ಸೋಂಕಿತರು ಚಿಕಿತ್ಸೆಗಾಗಿ ದೂರದ ಮೈಸೂರು ಹಾಗೂ ಪಿರಿಯಾಪಟ್ಟಣಕ್ಕೆ ತೆರಳಬೇಕಾಗಿದ್ದು, ಬಡ ರೋಗಿಗಳು ಸಂಕಷ್ಟ ಅನುಭವಿಸುತ್ತಿದ್ದಾರೆ. ಆಸ್ಪತ್ರೆಯಲ್ಲಿ ವೈದ್ಯರು ಹಾಗೂ ಸಿಬ್ಬಂದಿ ಕೊರತೆಯೂ ಇದ್ದು, ಸರ್ಕಾರ ತಕ್ಷಣ ಹೆಚ್ಚುವರಿ ವೈದ್ಯರನ್ನು ನೇಮಿಸಬೇಕು. ಆಕ್ಸಿಜನ್ ಸಹಿತ ಹಾಸಿಗೆಗಳ ವ್ಯವಸ್ಥೆ ಕಲ್ಪಿಸಬೇಕು ಎಂದು ಜನಪ್ರತಿನಿಧಿಗಳು ಮನವಿ ಮಾಡಿದ್ದಾರೆ.
ಬೆಟ್ಟದಪುರ, ಮೇ 3(ರವಿಚಂದ್ರ)- ಪಿರಿಯಾಪಟ್ಟಣ ತಾಲೂಕಿನ ಬೆಟ್ಟದಪುರ ಪ್ರಮುಖ ವಾಣಿಜ್ಯ ಕೇಂದ್ರವಾಗಿದ್ದು, ಬೆಟ್ಟದಪುರ ಹೋಬಳಿಯ ಸುಮಾರು 40 ಗ್ರಾಮಗಳ ಜನರು ಇಲ್ಲಿನ ಆಸ್ಪತ್ರೆಯನ್ನು ಅವಲಂಬಿಸಿದ್ದಾರೆ. ಹೋಬಳಿ ವ್ಯಾಪ್ತಿಯಲ್ಲಿ ಕೊರೊನಾ ಪ್ರಕರಣಗಳು ಹೆಚ್ಚುತ್ತಿರುವುದರಿಂದ ಇಲ್ಲಿನ ಸಮುದಾಯ ಆರೋಗ್ಯ ಕೇಂದ್ರದಲ್ಲಿ ಕೋವಿಡ್ ಕೇರ್ ಸೆಂಟರ್ ತೆರೆಯಬೇಕು ಎಂದು ಗ್ರಾಮಸ್ಥರು ಒತ್ತಾಯಿಸಿದ್ದಾರೆ. ಸೋಂಕಿತರು ಚಿಕಿತ್ಸೆಗಾಗಿ ದೂರದ ಮೈಸೂರು ಹಾಗೂ ಪಿರಿಯಾಪಟ್ಟಣಕ್ಕೆ ತೆರಳಬೇಕಾಗಿದ್ದು, ಬಡ ರೋಗಿಗಳು ಸಂಕಷ್ಟ ಅನುಭವಿಸುತ್ತಿದ್ದಾರೆ. ಆಸ್ಪತ್ರೆಯಲ್ಲಿ ವೈದ್ಯರು ಹಾಗೂ ಸಿಬ್ಬಂದಿ ಕೊರತೆಯೂ ಇದ್ದು, ಸರ್ಕಾರ ತಕ್ಷಣ ಹೆಚ್ಚುವರಿ ವೈದ್ಯರನ್ನು ನೇಮಿಸಬೇಕು. ಆಕ್ಸಿಜನ್ ಸಹಿತ ಹಾಸಿಗೆಗಳ ವ್ಯವಸ್ಥೆ ಕಲ್ಪಿಸಬೇಕು ಎಂದು ಜನಪ್ರತಿನಿಧಿಗಳು ಮನವಿ ಮಾಡಿದ್ದಾರೆ.
ಹಾಲು ಉತ್ಪಾದಕರಿಗೆ ಮೈಸೂರು ಜಿಲ್ಲಾ ಹಾಲು ಒಕ್ಕೂಟ ಬೆನ್ನೆಲುಬು
ಭೇರ್ಯ, ಮೇ 3(ಮಹೇಶ್)- ರೈತರಿಗೆ ಹಾಗೂ ಹಾಲು ಉತ್ಪಾದಕರಿಗೆ ಬೆನ್ನೆಲುಬಾಗಿ ಮೈಸೂರು ಜಿಲ್ಲಾ ಹಾಲು ಒಕ್ಕೂಟ ಕಾರ್ಯ ನಿರ್ವಹಿಸುತ್ತಿದೆ ಎಂದು ಒಕ್ಕೂಟದ ಅಧ್ಯಕ್ಷ ಪಿ.ಎಂ.ಪ್ರಸನ್ನ ಹೇಳಿದರು. ಕೆ.ಆರ್.ನಗರ ತಾಲೂಕಿನ ಬ್ಯಾಡರಹಳ್ಳಿ ಗ್ರಾಮದಲ್ಲಿ ನೂತನ ಹಾಲು ಉತ್ಪಾದಕರ ಸಹಕಾರ ಸಂಘದ ಕಟ್ಟಡ ಉದ್ಘಾಟಿಸಿ ಮಾತನಾಡಿದ ಅವರು, ಕೊರೊನಾ ಸಂಕಷ್ಟದ ಸಮಯದಲ್ಲೂ ಒಕ್ಕೂಟ ರೈತರಿಂದ ಹಾಲು ಖರೀದಿ ನಿಲ್ಲಿಸಿಲ್ಲ. ಹಾಲು ಉತ್ಪಾದಕರಿಗೆ ಸಕಾಲದಲ್ಲಿ ಹಣ ಪಾವತಿ ಮಾಡಲಾಗುತ್ತಿದೆ. ಹೈನುಗಾರಿಕೆ ರೈತರ ಬದುಕಿಗೆ ಆಸರೆಯಾಗಿದೆ ಎಂದರು.
ಮೈಸೂರು ಜಿಲ್ಲಾ ಹಾಲು ಒಕ್ಕೂಟದ ಅಧ್ಯಕ್ಷ ಪಿ.ಎಂ.ಪ್ರಸನ್ನ
ರೈತರ ಪರವಾಗಿ ಮಾತನಾಡಿದ್ದಾರೆ. ರೈತರಿಗೆ ಉತ್ತಮ ಬೆಲೆ ನೀಡುವಲ್ಲಿ ಒಕ್ಕೂಟ ಮುಂಚೂಣಿಯಲ್ಲಿದೆ. ಸಂಘದ ಸದಸ್ಯರು ಗುಣಮಟ್ಟದ ಹಾಲು ಪೂರೈಕೆ ಮಾಡಬೇಕು. ಹೆಚ್ಚು ಹಾಲು ಉತ್ಪಾದನೆ ಮಾಡುವ ಮೂಲಕ ಆರ್ಥಿಕವಾಗಿ ಸದೃಢರಾಗಬೇಕು ಎಂದು ತಿಳಿಸಿದರು. ನಿರ್ದೇಶಕ ಎ.ಟಿ.ಸೋಮಶೇಖರ್ ಮಾತನಾಡಿ, ಗ್ರಾಮೀಣ ಭಾಗದ ರೈತರಿಗೆ ಹಾಲು ಉತ್ಪಾದಕರ ಸಂಘಗಳು ಆರ್ಥಿಕ ಶಕ್ತಿ ನೀಡುತ್ತಿವೆ ಎಂದರು.
ಕೆ.ಆರ್.ನಗರ ತಾಲೂಕಿನ ಬ್ಯಾಡರಹಳ್ಳಿ ಹಾಲು ಉತ್ಪಾದಕರ ಸಹಕಾರ ಸಂಘದ ನೂತನ ಕಟ್ಟಡ ಹಾಗೂ ಬಿಎಂಸಿ ಕೇಂದ್ರವನ್ನು ಮೈಮುಲ್ ಅಧ್ಯಕ್ಷ ಪಿ.ಎಂ.ಪ್ರಸನ್ನ ಉದ್ಘಾಟಿಸಿದರು. ನಿರ್ದೇಶಕ ಎ.ಟಿ.ಸೋಮಶೇಖರ್ ಇದ್ದಾರೆ.
ರೈತರ ಪರವಾಗಿ ಮಾತನಾಡಿದ್ದಾರೆ. ರೈತರಿಗೆ ಉತ್ತಮ ಬೆಲೆ ನೀಡುವಲ್ಲಿ ಒಕ್ಕೂಟ ಮುಂಚೂಣಿಯಲ್ಲಿದೆ. ಸಂಘದ ಸದಸ್ಯರು ಗುಣಮಟ್ಟದ ಹಾಲು ಪೂರೈಕೆ ಮಾಡಬೇಕು. ಹೆಚ್ಚು ಹಾಲು ಉತ್ಪಾದನೆ ಮಾಡುವ ಮೂಲಕ ಆರ್ಥಿಕವಾಗಿ ಸದೃಢರಾಗಬೇಕು ಎಂದು ತಿಳಿಸಿದರು. ನಿರ್ದೇಶಕ ಎ.ಟಿ.ಸೋಮಶೇಖರ್ ಮಾತನಾಡಿ, ಗ್ರಾಮೀಣ ಭಾಗದ ರೈತರಿಗೆ ಹಾಲು ಉತ್ಪಾದಕರ ಸಂಘಗಳು ಆರ್ಥಿಕ ಶಕ್ತಿ ನೀಡುತ್ತಿವೆ ಎಂದರು.
ದಾಗ ವಸ್ತು ಸಂಘ ಅಭಿವೃದ್ಧಿ ಹೊಂದುತ್ತದೆ ಎಂದರು. ಕೆ.ಆರ್.ನಗರ ತಾಲೂಕಿನಲ್ಲಿ ಡೈರಿ ಹಾಗೂ ಬಿಎಂಸಿ ಕೇಂದ್ರಗಳನ್ನು ಹೆಚ್ಚಾಗಿ ಸ್ಥಾಪಿಸಿ ರೈತರಿಗೆ ಅನುಕೂಲ ಮಾಡಿಕೊಡಲಾಗಿದೆ. ಒಂದು ಹಳ್ಳಿಯಲ್ಲಿ ಡೈರಿ ಇದ್ದರೆ ಆ ಹಳ್ಳಿ ಅಭಿವೃದ್ಧಿ ಹೊಂದುತ್ತದೆ. ಕಾರ್ಯಕ್ರಮದಲ್ಲಿ ಮೈಮುಲ್ ನಿರ್ದೇಶಕ ಎ.ಟಿ.ಸೋಮಶೇಖರ್, ಉಪ ವ್ಯವಸ್ಥಾಪಕ ಡಾ.ಸತ್ಯನಾರಾಯಣ, ವಿಸ್ತರಣಾಧಿಕಾರಿ ಯೋಗೇಶ್, ಸಂಘದ ಅಧ್ಯಕ್ಷ, ಉಪಾಧ್ಯಕ್ಷ, ನಿರ್ದೇಶಕರಾದ ಬಿ.ಟಿ.ಶಂಕರ್, ಸೋಮಣ್ಣ, ನಾಗರಾಜು, ಶಾರದಮ್ಮ, ಹಾಲು ಪರೀಕ್ಷಕ ಸುಬ್ರಹ್ಮಣ್ಯ ಸೇರಿದಂತೆ ಗ್ರಾಮಸ್ಥರು ಹಾಜರಿದ್ದರು.
